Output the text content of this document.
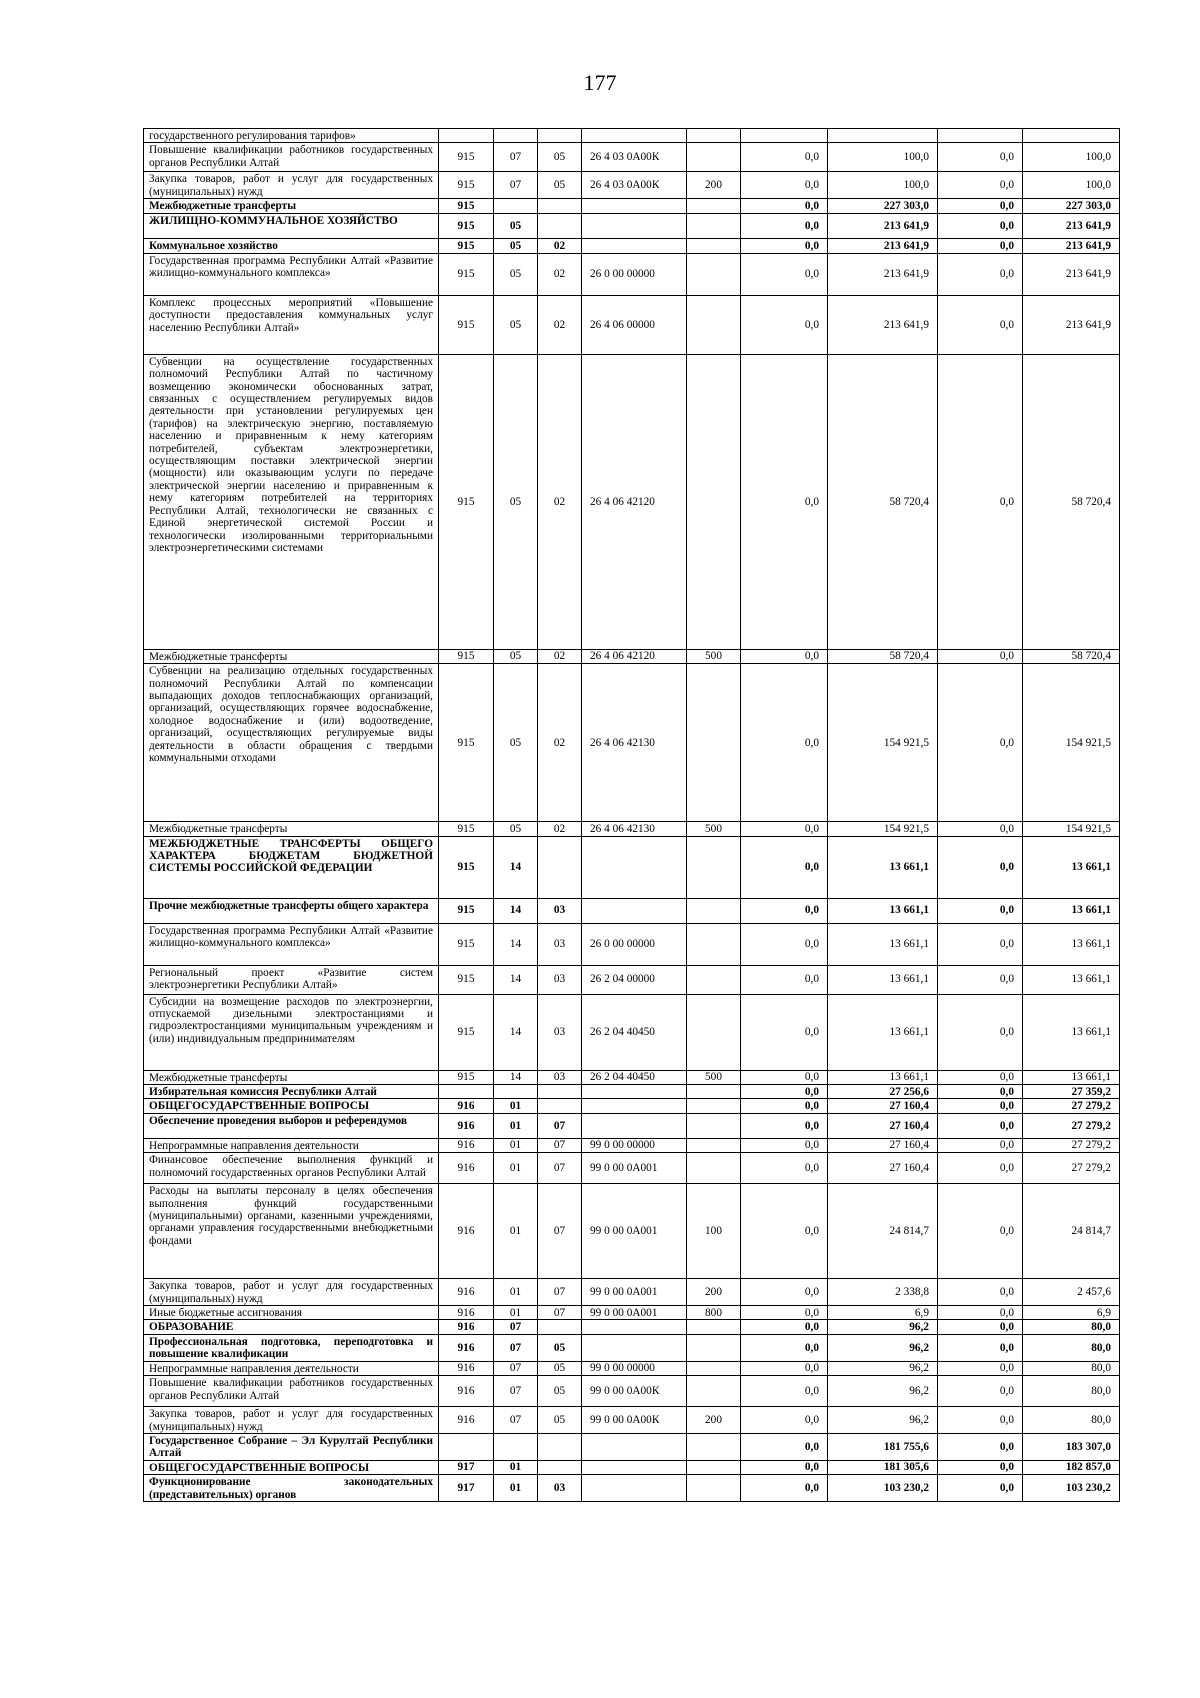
177
государственного регулирования тарифов»									
Повышение квалификации работников государственных органов Республики Алтай	915	07	05	26 4 03 0А00К		0,0	100,0	0,0	100,0
Закупка товаров, работ и услуг для государственных (муниципальных) нужд	915	07	05	26 4 03 0А00К	200	0,0	100,0	0,0	100,0
Межбюджетные трансферты	915					0,0	227 303,0	0,0	227 303,0
ЖИЛИЩНО-КОММУНАЛЬНОЕ ХОЗЯЙСТВО	915	05				0,0	213 641,9	0,0	213 641,9
Коммунальное хозяйство	915	05	02			0,0	213 641,9	0,0	213 641,9
Государственная программа Республики Алтай «Развитие жилищно-коммунального комплекса»	915	05	02	26 0 00 00000		0,0	213 641,9	0,0	213 641,9
Комплекс процессных мероприятий «Повышение доступности предоставления коммунальных услуг населению Республики Алтай»	915	05	02	26 4 06 00000		0,0	213 641,9	0,0	213 641,9
Субвенции на осуществление государственных полномочий Республики Алтай по частичному возмещению экономически обоснованных затрат, связанных с осуществлением регулируемых видов деятельности при установлении регулируемых цен (тарифов) на электрическую энергию, поставляемую населению и приравненным к нему категориям потребителей, субъектам электроэнергетики, осуществляющим поставки электрической энергии (мощности) или оказывающим услуги по передаче электрической энергии населению и приравненным к нему категориям потребителей на территориях Республики Алтай, технологически не связанных с Единой энергетической системой России и технологически изолированными территориальными электроэнергетическими системами	915	05	02	26 4 06 42120		0,0	58 720,4	0,0	58 720,4
Межбюджетные трансферты	915	05	02	26 4 06 42120	500	0,0	58 720,4	0,0	58 720,4
Субвенции на реализацию отдельных государственных полномочий Республики Алтай по компенсации выпадающих доходов теплоснабжающих организаций, организаций, осуществляющих горячее водоснабжение, холодное водоснабжение и (или) водоотведение, организаций, осуществляющих регулируемые виды деятельности в области обращения с твердыми коммунальными отходами	915	05	02	26 4 06 42130		0,0	154 921,5	0,0	154 921,5
Межбюджетные трансферты	915	05	02	26 4 06 42130	500	0,0	154 921,5	0,0	154 921,5
МЕЖБЮДЖЕТНЫЕ ТРАНСФЕРТЫ ОБЩЕГО ХАРАКТЕРА БЮДЖЕТАМ БЮДЖЕТНОЙ СИСТЕМЫ РОССИЙСКОЙ ФЕДЕРАЦИИ	915	14				0,0	13 661,1	0,0	13 661,1
Прочие межбюджетные трансферты общего характера	915	14	03			0,0	13 661,1	0,0	13 661,1
Государственная программа Республики Алтай «Развитие жилищно-коммунального комплекса»	915	14	03	26 0 00 00000		0,0	13 661,1	0,0	13 661,1
Региональный проект «Развитие систем электроэнергетики Республики Алтай»	915	14	03	26 2 04 00000		0,0	13 661,1	0,0	13 661,1
Субсидии на возмещение расходов по электроэнергии, отпускаемой дизельными электростанциями и гидроэлектростанциями муниципальным учреждениям и (или) индивидуальным предпринимателям	915	14	03	26 2 04 40450		0,0	13 661,1	0,0	13 661,1
Межбюджетные трансферты	915	14	03	26 2 04 40450	500	0,0	13 661,1	0,0	13 661,1
Избирательная комиссия Республики Алтай						0,0	27 256,6	0,0	27 359,2
ОБЩЕГОСУДАРСТВЕННЫЕ ВОПРОСЫ	916	01				0,0	27 160,4	0,0	27 279,2
Обеспечение проведения выборов и референдумов	916	01	07			0,0	27 160,4	0,0	27 279,2
Непрограммные направления деятельности	916	01	07	99 0 00 00000		0,0	27 160,4	0,0	27 279,2
Финансовое обеспечение выполнения функций и полномочий государственных органов Республики Алтай	916	01	07	99 0 00 0А001		0,0	27 160,4	0,0	27 279,2
Расходы на выплаты персоналу в целях обеспечения выполнения функций государственными (муниципальными) органами, казенными учреждениями, органами управления государственными внебюджетными фондами	916	01	07	99 0 00 0А001	100	0,0	24 814,7	0,0	24 814,7
Закупка товаров, работ и услуг для государственных (муниципальных) нужд	916	01	07	99 0 00 0А001	200	0,0	2 338,8	0,0	2 457,6
Иные бюджетные ассигнования	916	01	07	99 0 00 0А001	800	0,0	6,9	0,0	6,9
ОБРАЗОВАНИЕ	916	07				0,0	96,2	0,0	80,0
Профессиональная подготовка, переподготовка и повышение квалификации	916	07	05			0,0	96,2	0,0	80,0
Непрограммные направления деятельности	916	07	05	99 0 00 00000		0,0	96,2	0,0	80,0
Повышение квалификации работников государственных органов Республики Алтай	916	07	05	99 0 00 0А00К		0,0	96,2	0,0	80,0
Закупка товаров, работ и услуг для государственных (муниципальных) нужд	916	07	05	99 0 00 0А00К	200	0,0	96,2	0,0	80,0
Государственное Собрание – Эл Курултай Республики Алтай						0,0	181 755,6	0,0	183 307,0
ОБЩЕГОСУДАРСТВЕННЫЕ ВОПРОСЫ	917	01				0,0	181 305,6	0,0	182 857,0
Функционирование законодательных (представительных) органов	917	01	03			0,0	103 230,2	0,0	103 230,2
